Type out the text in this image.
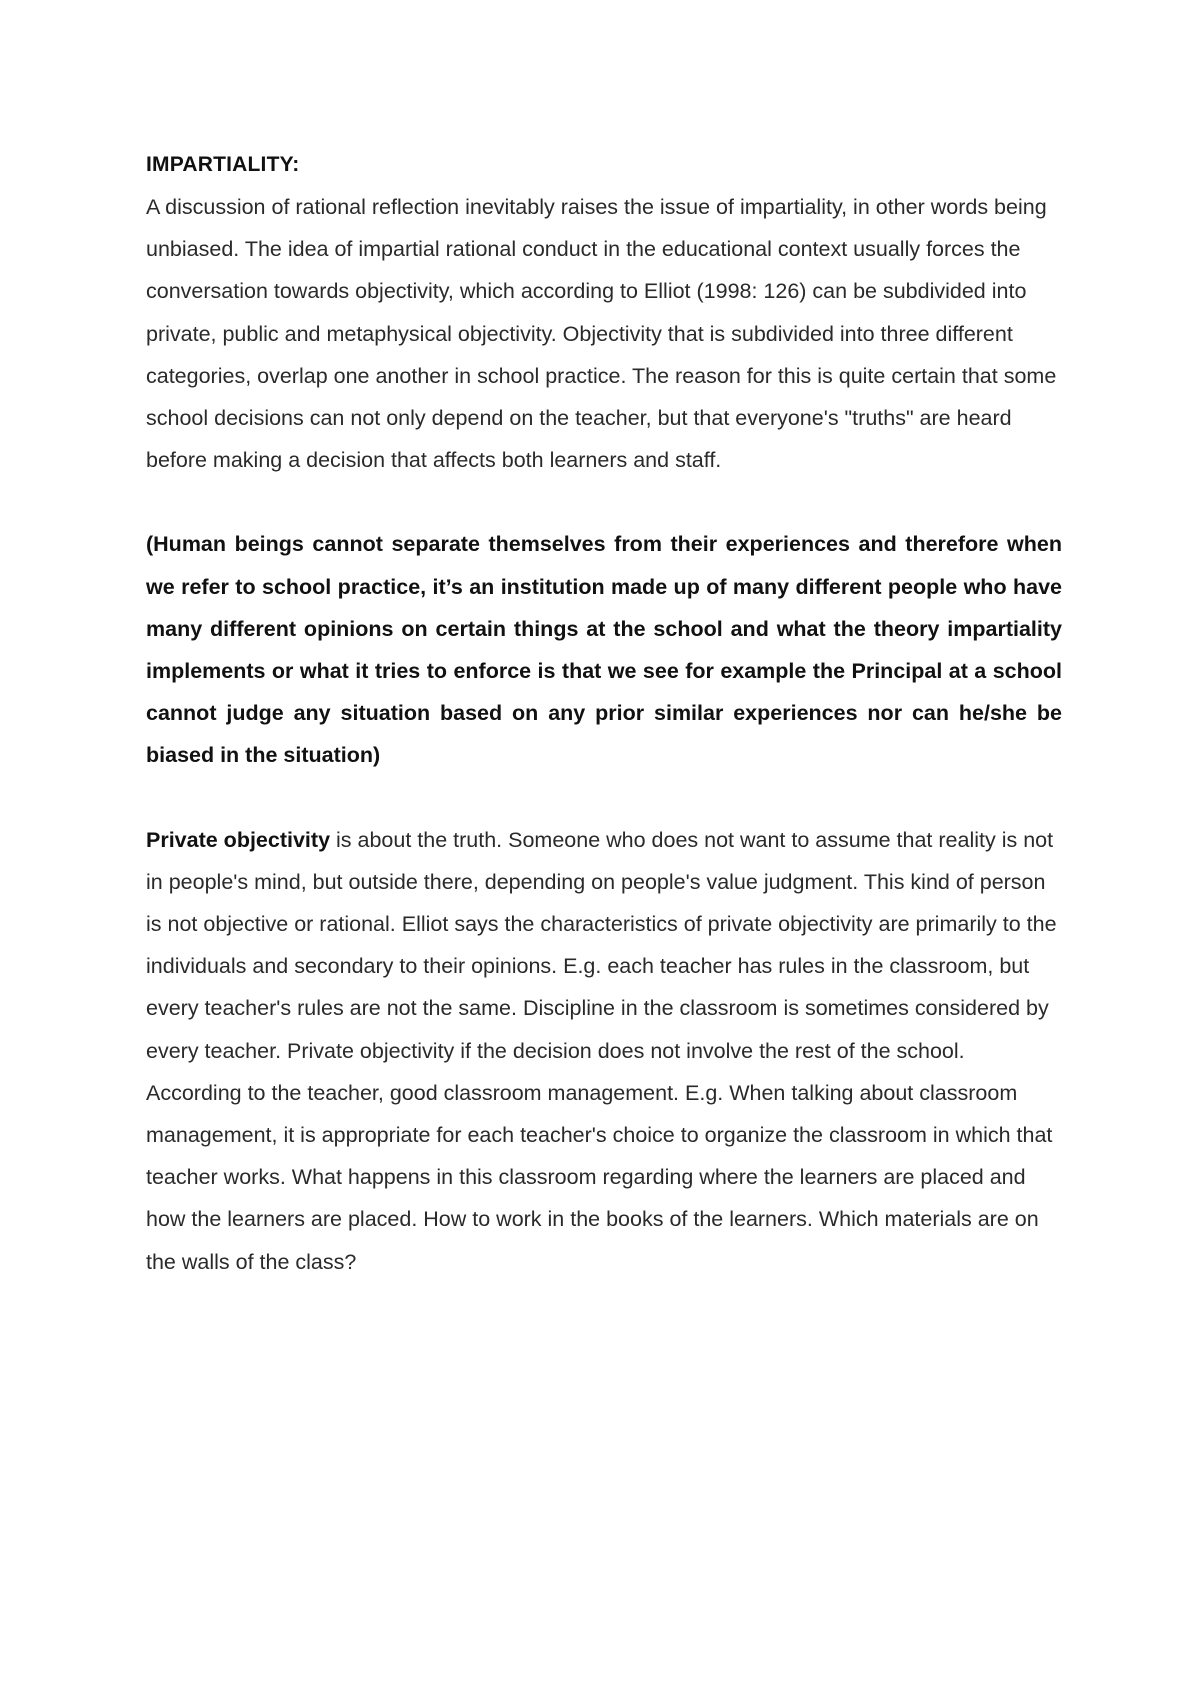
IMPARTIALITY:

A discussion of rational reflection inevitably raises the issue of impartiality, in other words being unbiased. The idea of impartial rational conduct in the educational context usually forces the conversation towards objectivity, which according to Elliot (1998: 126) can be subdivided into private, public and metaphysical objectivity. Objectivity that is subdivided into three different categories, overlap one another in school practice. The reason for this is quite certain that some school decisions can not only depend on the teacher, but that everyone's "truths" are heard before making a decision that affects both learners and staff.

(Human beings cannot separate themselves from their experiences and therefore when we refer to school practice, it’s an institution made up of many different people who have many different opinions on certain things at the school and what the theory impartiality implements or what it tries to enforce is that we see for example the Principal at a school cannot judge any situation based on any prior similar experiences nor can he/she be biased in the situation)

Private objectivity is about the truth. Someone who does not want to assume that reality is not in people's mind, but outside there, depending on people's value judgment. This kind of person is not objective or rational. Elliot says the characteristics of private objectivity are primarily to the individuals and secondary to their opinions. E.g. each teacher has rules in the classroom, but every teacher's rules are not the same. Discipline in the classroom is sometimes considered by every teacher. Private objectivity if the decision does not involve the rest of the school. According to the teacher, good classroom management. E.g. When talking about classroom management, it is appropriate for each teacher's choice to organize the classroom in which that teacher works. What happens in this classroom regarding where the learners are placed and how the learners are placed. How to work in the books of the learners. Which materials are on the walls of the class?
